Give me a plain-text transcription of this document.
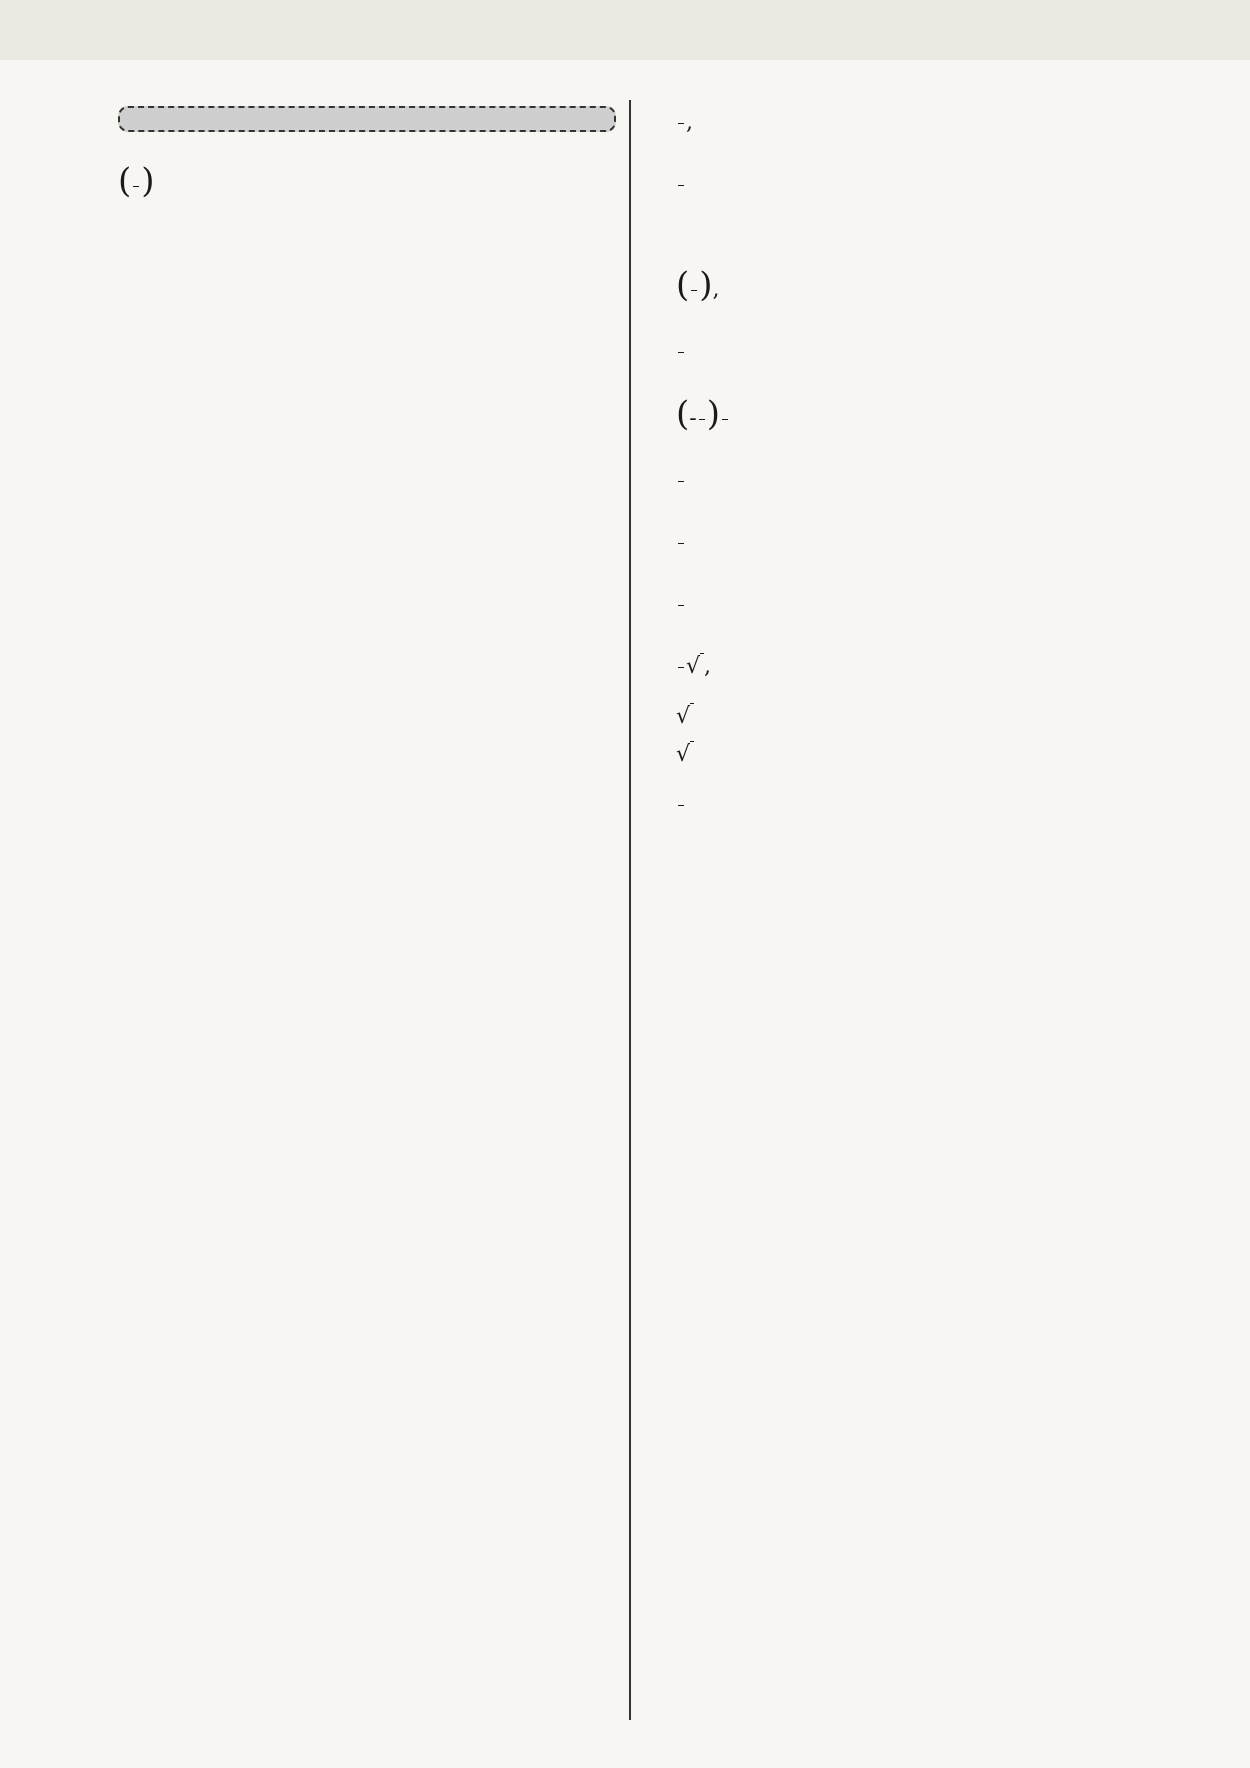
( )
,

( ),
(- )
√ ,
√
√
